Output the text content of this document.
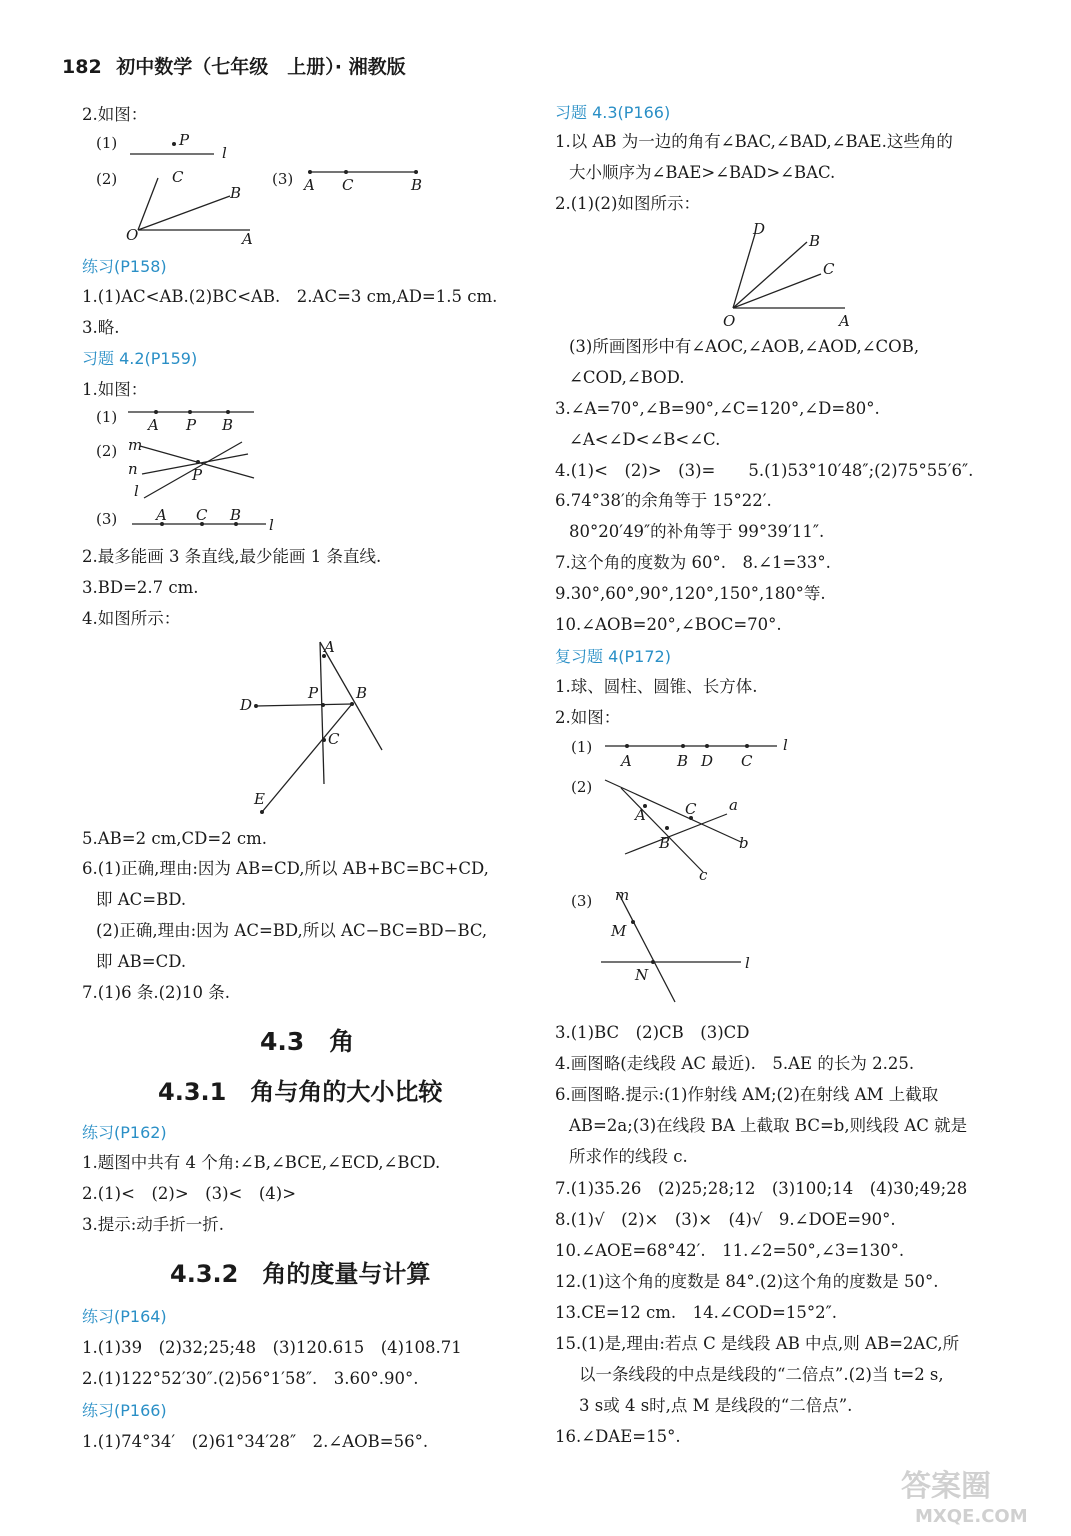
182 初中数学（七年级　上册）· 湘教版
2.如图：
(1)	P
l
(2)	C
B
O	A
(3) A C	B
练习(P158)
1.(1)AC<AB.(2)BC<AB.　2.AC=3 cm,AD=1.5 cm.
3.略.
习题 4.2(P159)
1.如图：
(1) A P B
(2) m
n
l
P
(3)	A C B
l
2.最多能画 3 条直线,最少能画 1 条直线.
3.BD=2.7 cm.
4.如图所示：
A
P	B
D
C
E
5.AB=2 cm,CD=2 cm.
6.(1)正确,理由:因为 AB=CD,所以 AB+BC=BC+CD,
即 AC=BD.
(2)正确,理由:因为 AC=BD,所以 AC−BC=BD−BC,
即 AB=CD.
7.(1)6 条.(2)10 条.
4.3　角
4.3.1　角与角的大小比较
练习(P162)
1.题图中共有 4 个角:∠B,∠BCE,∠ECD,∠BCD.
2.(1)<　(2)>　(3)<　(4)>
3.提示:动手折一折.
4.3.2　角的度量与计算
练习(P164)
1.(1)39　(2)32;25;48　(3)120.615　(4)108.71
2.(1)122°52′30″.(2)56°1′58″.　3.60°.90°.
练习(P166)
1.(1)74°34′　(2)61°34′28″　2.∠AOB=56°.
习题 4.3(P166)
1.以 AB 为一边的角有∠BAC,∠BAD,∠BAE.这些角的
大小顺序为∠BAE>∠BAD>∠BAC.
2.(1)(2)如图所示：
D
B
C
O	A
(3)所画图形中有∠AOC,∠AOB,∠AOD,∠COB,
∠COD,∠BOD.
3.∠A=70°,∠B=90°,∠C=120°,∠D=80°.
∠A<∠D<∠B<∠C.
4.(1)<　(2)>　(3)=　　5.(1)53°10′48″;(2)75°55′6″.
6.74°38′的余角等于 15°22′.
80°20′49″的补角等于 99°39′11″.
7.这个角的度数为 60°.　8.∠1=33°.
9.30°,60°,90°,120°,150°,180°等.
10.∠AOB=20°,∠BOC=70°.
复习题 4(P172)
1.球、圆柱、圆锥、长方体.
2.如图：
(1)
A	B D C
l
(2)
A	C a
B	b
c
(3) m
M
N
l
3.(1)BC　(2)CB　(3)CD
4.画图略(走线段 AC 最近).　5.AE 的长为 2.25.
6.画图略.提示:(1)作射线 AM;(2)在射线 AM 上截取
AB=2a;(3)在线段 BA 上截取 BC=b,则线段 AC 就是
所求作的线段 c.
7.(1)35.26　(2)25;28;12　(3)100;14　(4)30;49;28
8.(1)√　(2)×　(3)×　(4)√　9.∠DOE=90°.
10.∠AOE=68°42′.　11.∠2=50°,∠3=130°.
12.(1)这个角的度数是 84°.(2)这个角的度数是 50°.
13.CE=12 cm.　14.∠COD=15°2″.
15.(1)是,理由:若点 C 是线段 AB 中点,则 AB=2AC,所
以一条线段的中点是线段的“二倍点”.(2)当 t=2 s,
3 s或 4 s时,点 M 是线段的“二倍点”.
16.∠DAE=15°.
答案圈
MXQE.COM
